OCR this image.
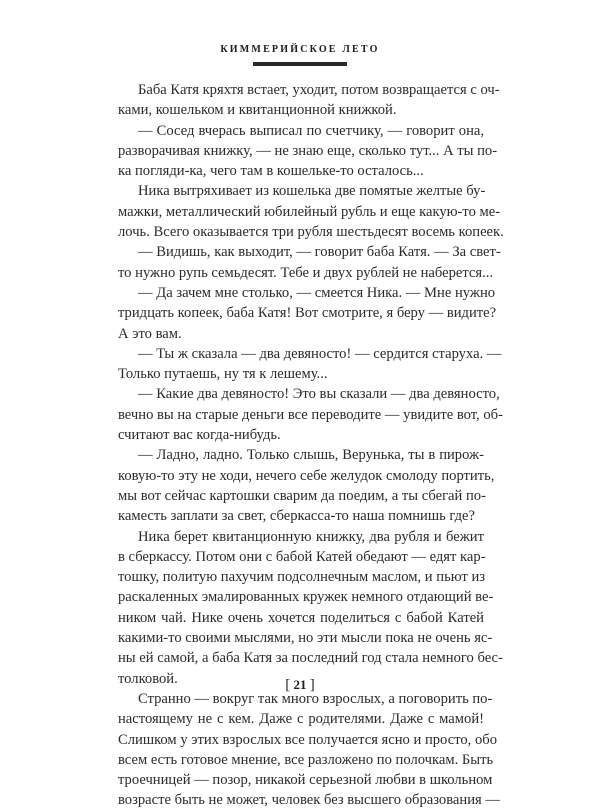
КИММЕРИЙСКОЕ ЛЕТО
Баба Катя кряхтя встает, уходит, потом возвращается с оч-
ками, кошельком и квитанционной книжкой.
— Сосед вчерась выписал по счетчику, — говорит она,
разворачивая книжку, — не знаю еще, сколько тут... А ты по-
ка погляди-ка, чего там в кошельке-то осталось...
Ника вытряхивает из кошелька две помятые желтые бу-
мажки, металлический юбилейный рубль и еще какую-то ме-
лочь. Всего оказывается три рубля шестьдесят восемь копеек.
— Видишь, как выходит, — говорит баба Катя. — За свет-
то нужно рупь семьдесят. Тебе и двух рублей не наберется...
— Да зачем мне столько, — смеется Ника. — Мне нужно
тридцать копеек, баба Катя! Вот смотрите, я беру — видите?
А это вам.
— Ты ж сказала — два девяносто! — сердится старуха. —
Только путаешь, ну тя к лешему...
— Какие два девяносто! Это вы сказали — два девяносто,
вечно вы на старые деньги все переводите — увидите вот, об-
считают вас когда-нибудь.
— Ладно, ладно. Только слышь, Верунька, ты в пирож-
ковую-то эту не ходи, нечего себе желудок смолоду портить,
мы вот сейчас картошки сварим да поедим, а ты сбегай по-
каместь заплати за свет, сберкасса-то наша помнишь где?
Ника берет квитанционную книжку, два рубля и бежит
в сберкассу. Потом они с бабой Катей обедают — едят кар-
тошку, политую пахучим подсолнечным маслом, и пьют из
раскаленных эмалированных кружек немного отдающий ве-
ником чай. Нике очень хочется поделиться с бабой Катей
какими-то своими мыслями, но эти мысли пока не очень яс-
ны ей самой, а баба Катя за последний год стала немного бес-
толковой.
Странно — вокруг так много взрослых, а поговорить по-
настоящему не с кем. Даже с родителями. Даже с мамой!
Слишком у этих взрослых все получается ясно и просто, обо
всем есть готовое мнение, все разложено по полочкам. Быть
троечницей — позор, никакой серьезной любви в школьном
возрасте быть не может, человек без высшего образования —
[ 21 ]
